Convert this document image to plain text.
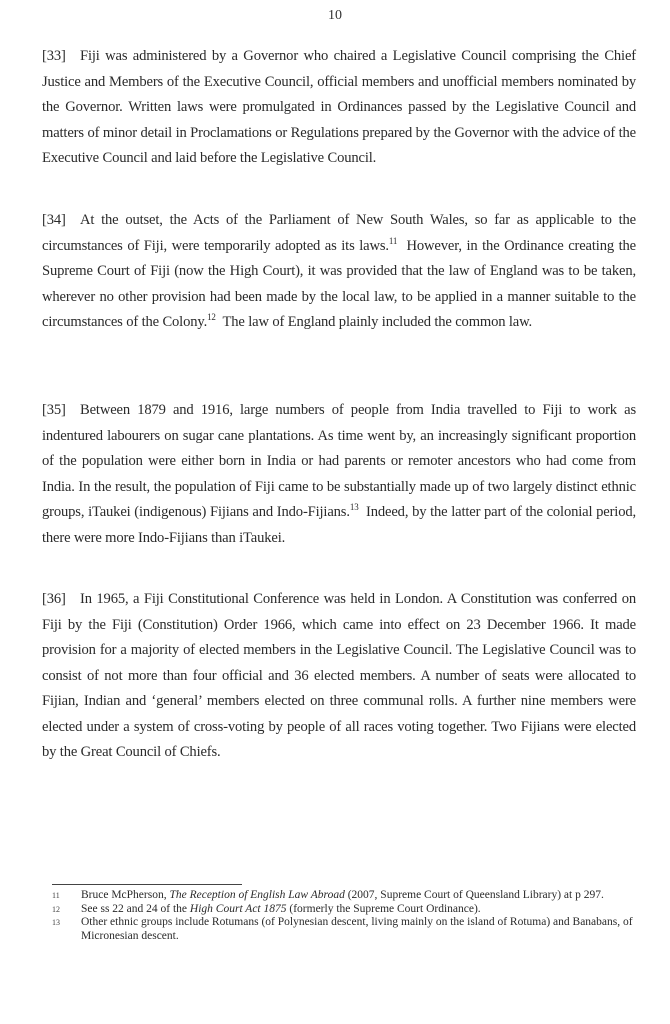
10
[33] Fiji was administered by a Governor who chaired a Legislative Council comprising the Chief Justice and Members of the Executive Council, official members and unofficial members nominated by the Governor. Written laws were promulgated in Ordinances passed by the Legislative Council and matters of minor detail in Proclamations or Regulations prepared by the Governor with the advice of the Executive Council and laid before the Legislative Council.
[34] At the outset, the Acts of the Parliament of New South Wales, so far as applicable to the circumstances of Fiji, were temporarily adopted as its laws.$^{11}$  However, in the Ordinance creating the Supreme Court of Fiji (now the High Court), it was provided that the law of England was to be taken, wherever no other provision had been made by the local law, to be applied in a manner suitable to the circumstances of the Colony.$^{12}$  The law of England plainly included the common law.
[35] Between 1879 and 1916, large numbers of people from India travelled to Fiji to work as indentured labourers on sugar cane plantations. As time went by, an increasingly significant proportion of the population were either born in India or had parents or remoter ancestors who had come from India. In the result, the population of Fiji came to be substantially made up of two largely distinct ethnic groups, iTaukei (indigenous) Fijians and Indo-Fijians.$^{13}$  Indeed, by the latter part of the colonial period, there were more Indo-Fijians than iTaukei.
[36] In 1965, a Fiji Constitutional Conference was held in London. A Constitution was conferred on Fiji by the Fiji (Constitution) Order 1966, which came into effect on 23 December 1966. It made provision for a majority of elected members in the Legislative Council. The Legislative Council was to consist of not more than four official and 36 elected members. A number of seats were allocated to Fijian, Indian and ‘general’ members elected on three communal rolls. A further nine members were elected under a system of cross-voting by people of all races voting together. Two Fijians were elected by the Great Council of Chiefs.
11	Bruce McPherson, The Reception of English Law Abroad (2007, Supreme Court of Queensland Library) at p 297.
12	See ss 22 and 24 of the High Court Act 1875 (formerly the Supreme Court Ordinance).
13	Other ethnic groups include Rotumans (of Polynesian descent, living mainly on the island of Rotuma) and Banabans, of Micronesian descent.
